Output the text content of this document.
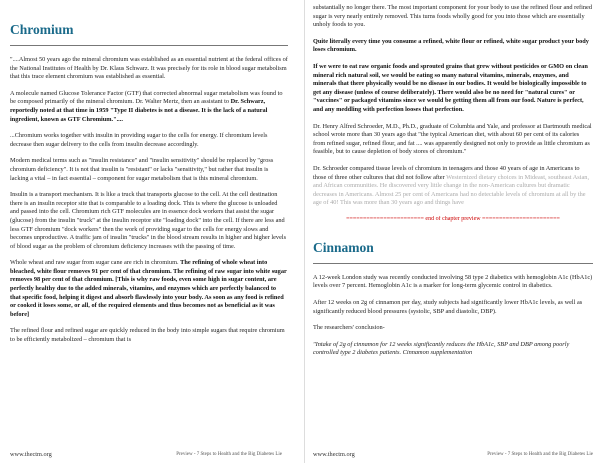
Chromium

"....Almost 50 years ago the mineral chromium was established as an essential nutrient at the federal offices of the National Institutes of Health by Dr. Klaus Schwarz. It was precisely for its role in blood sugar metabolism that this trace element chromium was established as essential.

A molecule named Glucose Tolerance Factor (GTF) that corrected abnormal sugar metabolism was found to be composed primarily of the mineral chromium. Dr. Walter Mertz, then an assistant to Dr. Schwarz, reportedly noted at that time in 1959 "Type II diabetes is not a disease. It is the lack of a natural ingredient, known as GTF Chromium."....

...Chromium works together with insulin in providing sugar to the cells for energy. If chromium levels decrease then sugar delivery to the cells from insulin decrease accordingly.

Modern medical terms such as "insulin resistance" and "insulin sensitivity" should be replaced by "gross chromium deficiency". It is not that insulin is "resistant" or lacks "sensitivity," but rather that insulin is lacking a vital – in fact essential – component for sugar metabolism that is this mineral chromium.

Insulin is a transport mechanism. It is like a truck that transports glucose to the cell. At the cell destination there is an insulin receptor site that is comparable to a loading dock. This is where the glucose is unloaded and passed into the cell. Chromium rich GTF molecules are in essence dock workers that assist the sugar (glucose) from the insulin "truck" at the insulin receptor site "loading dock" into the cell. If there are less and less GTF chromium "dock workers" then the work of providing sugar to the cells for energy slows and becomes unproductive. A traffic jam of insulin "trucks" in the blood stream results in higher and higher levels of blood sugar as the problem of chromium deficiency increases with the passing of time.

Whole wheat and raw sugar from sugar cane are rich in chromium. The refining of whole wheat into bleached, white flour removes 91 per cent of that chromium. The refining of raw sugar into white sugar removes 98 per cent of that chromium. [This is why raw foods, even some high in sugar content, are perfectly healthy due to the added minerals, vitamins, and enzymes which are perfectly balanced to that specific food, helping it digest and absorb flawlessly into your body. As soon as any food is refined or cooked it loses some, or all, of the required elements and thus becomes not as beneficial as it was before]

The refined flour and refined sugar are quickly reduced in the body into simple sugars that require chromium to be efficiently metabolized – chromium that is

www.thectm.org	Preview - 7 Steps to Health and the Big Diabetes Lie

substantially no longer there. The most important component for your body to use the refined flour and refined sugar is very nearly entirely removed. This turns foods wholly good for you into those which are essentially unholy foods to you.

Quite literally every time you consume a refined, white flour or refined, white sugar product your body loses chromium.

If we were to eat raw organic foods and sprouted grains that grew without pesticides or GMO on clean mineral rich natural soil, we would be eating so many natural vitamins, minerals, enzymes, and minerals that there physically would be no disease in our bodies. It would be biologically impossible to get any disease (unless of course deliberately). There would also be no need for "natural cures" or "vaccines" or packaged vitamins since we would be getting them all from our food. Nature is perfect, and any meddling with perfection looses that perfection.

Dr. Henry Alfred Schroeder, M.D., Ph.D., graduate of Columbia and Yale, and professor at Dartmouth medical school wrote more than 30 years ago that "the typical American diet, with about 60 per cent of its calories from refined sugar, refined flour, and fat .... was apparently designed not only to provide as little chromium as feasible, but to cause depletion of body stores of chromium."

Dr. Schroeder compared tissue levels of chromium in teenagers and those 40 years of age in Americans to those of three other cultures that did not follow after Westernized dietary choices in Mideast, southeast Asian, and African communities. He discovered very little change in the non-American cultures but dramatic decreases in Americans. Almost 25 per cent of Americans had no detectable levels of chromium at all by the age of 40! This was more than 30 years ago and things have

======================= end of chapter preview =======================
Cinnamon

A 12-week London study was recently conducted involving 58 type 2 diabetics with hemoglobin A1c (HbA1c) levels over 7 percent. Hemoglobin A1c is a marker for long-term glycemic control in diabetics.

After 12 weeks on 2g of cinnamon per day, study subjects had significantly lower HbA1c levels, as well as significantly reduced blood pressures (systolic, SBP and diastolic, DBP).

The researchers' conclusion-

"Intake of 2g of cinnamon for 12 weeks significantly reduces the HbA1c, SBP and DBP among poorly controlled type 2 diabetes patients. Cinnamon supplementation

www.thectm.org	Preview - 7 Steps to Health and the Big Diabetes Lie
